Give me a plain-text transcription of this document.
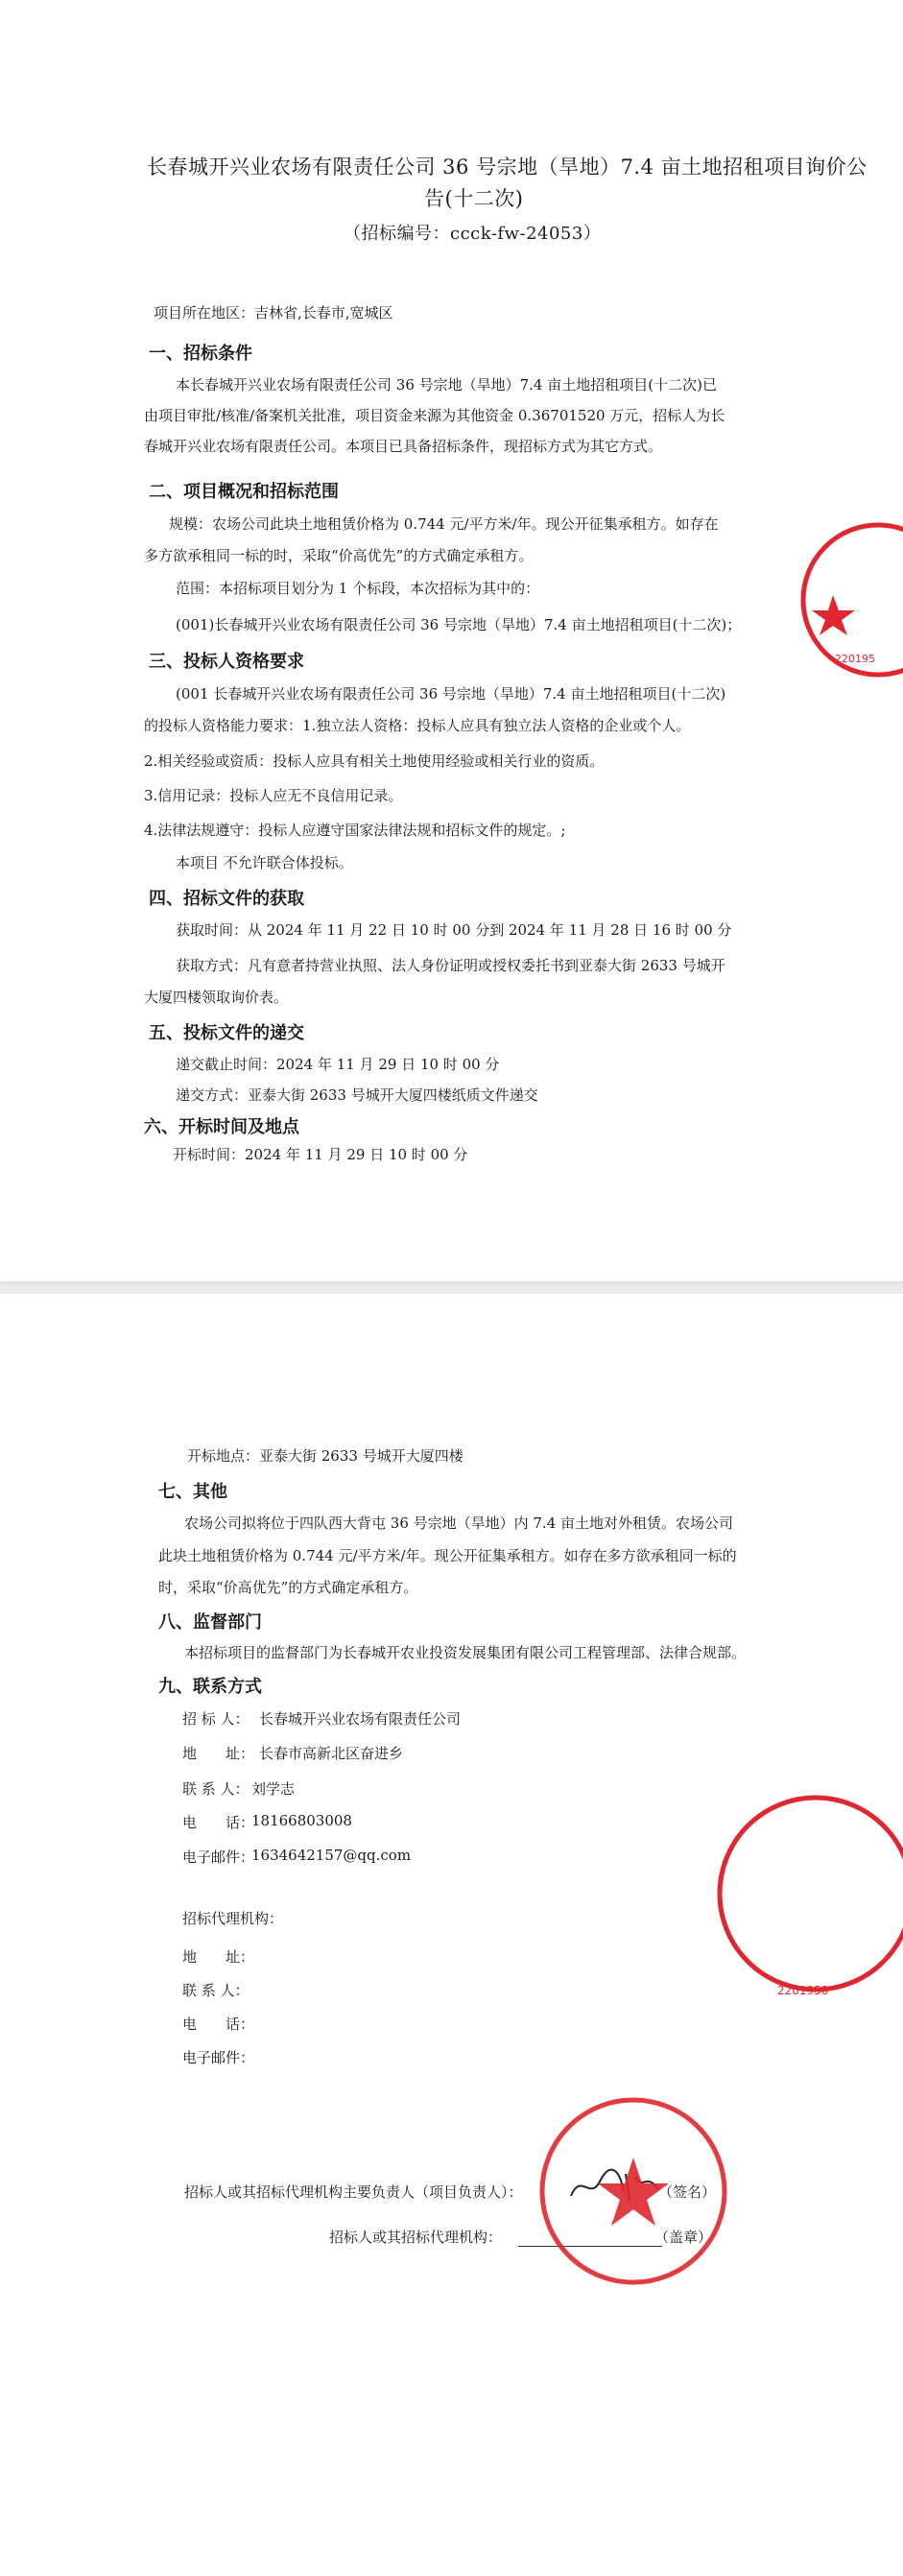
长春城开兴业农场有限责任公司 36 号宗地（旱地）7.4 亩土地招租项目询价公
告(十二次)
（招标编号：ccck-fw-24053）
项目所在地区：吉林省,长春市,宽城区
一、招标条件
本长春城开兴业农场有限责任公司 36 号宗地（旱地）7.4 亩土地招租项目(十二次)已
由项目审批/核准/备案机关批准，项目资金来源为其他资金 0.36701520 万元，招标人为长
春城开兴业农场有限责任公司。本项目已具备招标条件，现招标方式为其它方式。
二、项目概况和招标范围
规模：农场公司此块土地租赁价格为 0.744 元/平方米/年。现公开征集承租方。如存在
多方欲承租同一标的时，采取“价高优先”的方式确定承租方。
范围：本招标项目划分为 1 个标段，本次招标为其中的：
(001)长春城开兴业农场有限责任公司 36 号宗地（旱地）7.4 亩土地招租项目(十二次)；
三、投标人资格要求
(001 长春城开兴业农场有限责任公司 36 号宗地（旱地）7.4 亩土地招租项目(十二次)
的投标人资格能力要求：1.独立法人资格：投标人应具有独立法人资格的企业或个人。
2.相关经验或资质：投标人应具有相关土地使用经验或相关行业的资质。
3.信用记录：投标人应无不良信用记录。
4.法律法规遵守：投标人应遵守国家法律法规和招标文件的规定。;
本项目 不允许联合体投标。
四、招标文件的获取
获取时间：从 2024 年 11 月 22 日 10 时 00 分到 2024 年 11 月 28 日 16 时 00 分
获取方式：凡有意者持营业执照、法人身份证明或授权委托书到亚泰大街 2633 号城开
大厦四楼领取询价表。
五、投标文件的递交
递交截止时间：2024 年 11 月 29 日 10 时 00 分
递交方式：亚泰大街 2633 号城开大厦四楼纸质文件递交
六、开标时间及地点
开标时间：2024 年 11 月 29 日 10 时 00 分
220195
开标地点：亚泰大街 2633 号城开大厦四楼
七、其他
农场公司拟将位于四队西大背屯 36 号宗地（旱地）内 7.4 亩土地对外租赁。农场公司
此块土地租赁价格为 0.744 元/平方米/年。现公开征集承租方。如存在多方欲承租同一标的
时，采取“价高优先”的方式确定承租方。
八、监督部门
本招标项目的监督部门为长春城开农业投资发展集团有限公司工程管理部、法律合规部。
九、联系方式
招 标 人： 长春城开兴业农场有限责任公司
地　　址： 长春市高新北区奋进乡
联 系 人： 刘学志
电　　话：
18166803008
电子邮件：
1634642157@qq.com
招标代理机构：
地　　址：
联 系 人：
电　　话：
电子邮件：
招标人或其招标代理机构主要负责人（项目负责人）：	（签名）
招标人或其招标代理机构：	（盖章）
2201950
